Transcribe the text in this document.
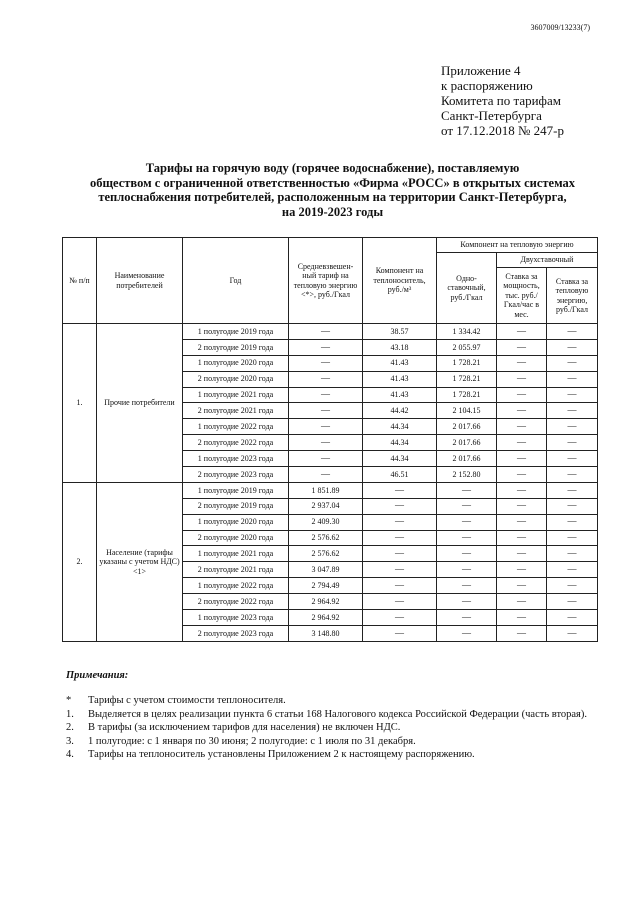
3607009/13233(7)
Приложение 4
к распоряжению
Комитета по тарифам
Санкт-Петербурга
от 17.12.2018 № 247-р
Тарифы на горячую воду (горячее водоснабжение), поставляемую
обществом с ограниченной ответственностью «Фирма «РОСС» в открытых системах
теплоснабжения потребителей, расположенным на территории Санкт-Петербурга,
на 2019-2023 годы
№ п/п	Наименование потребителей	Год	Средневзвешен-ный тариф на тепловую энергию <*>, руб./Гкал	Компонент на теплоноситель, руб./м³	Компонент на тепловую энергию		
					Одно-ставочный, руб./Гкал	Двухставочный	
						Ставка за мощность, тыс. руб./Гкал/час в мес.	Ставка за тепловую энергию, руб./Гкал
1.	Прочие потребители	1 полугодие 2019 года	—	38.57	1 334.42	—	—
		2 полугодие 2019 года	—	43.18	2 055.97	—	—
		1 полугодие 2020 года	—	41.43	1 728.21	—	—
		2 полугодие 2020 года	—	41.43	1 728.21	—	—
		1 полугодие 2021 года	—	41.43	1 728.21	—	—
		2 полугодие 2021 года	—	44.42	2 104.15	—	—
		1 полугодие 2022 года	—	44.34	2 017.66	—	—
		2 полугодие 2022 года	—	44.34	2 017.66	—	—
		1 полугодие 2023 года	—	44.34	2 017.66	—	—
		2 полугодие 2023 года	—	46.51	2 152.80	—	—
2.	Население (тарифы указаны с учетом НДС) <1>	1 полугодие 2019 года	1 851.89	—	—	—	—
		2 полугодие 2019 года	2 937.04	—	—	—	—
		1 полугодие 2020 года	2 409.30	—	—	—	—
		2 полугодие 2020 года	2 576.62	—	—	—	—
		1 полугодие 2021 года	2 576.62	—	—	—	—
		2 полугодие 2021 года	3 047.89	—	—	—	—
		1 полугодие 2022 года	2 794.49	—	—	—	—
		2 полугодие 2022 года	2 964.92	—	—	—	—
		1 полугодие 2023 года	2 964.92	—	—	—	—
		2 полугодие 2023 года	3 148.80	—	—	—	—
Примечания:
*	Тарифы с учетом стоимости теплоносителя.
1.	Выделяется в целях реализации пункта 6 статьи 168 Налогового кодекса Российской Федерации (часть вторая).
2.	В тарифы (за исключением тарифов для населения) не включен НДС.
3.	1 полугодие: с 1 января по 30 июня; 2 полугодие: с 1 июля по 31 декабря.
4.	Тарифы на теплоноситель установлены Приложением 2 к настоящему распоряжению.
